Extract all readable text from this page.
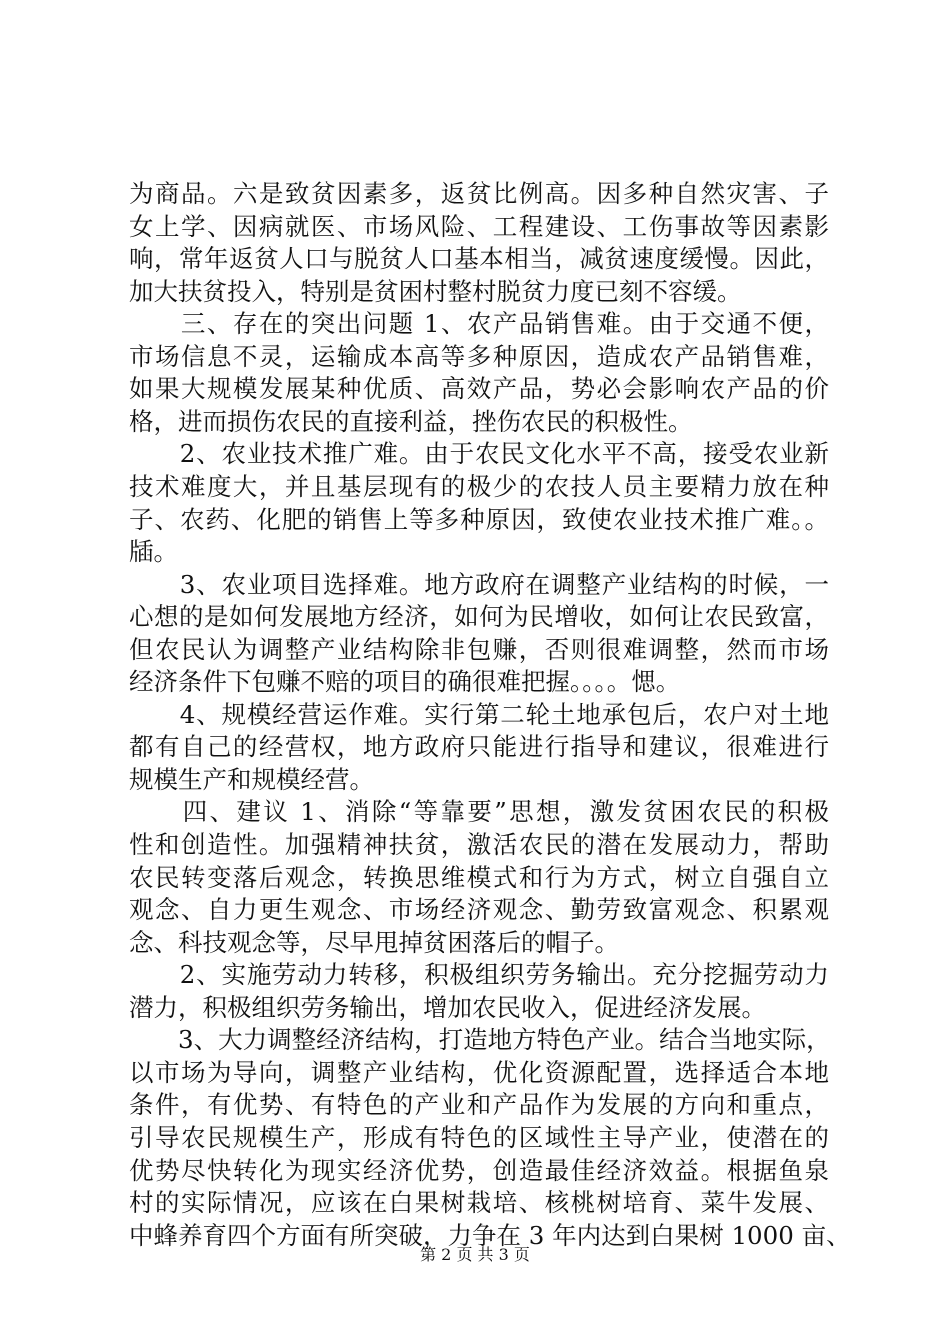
为商品。六是致贫因素多，返贫比例高。因多种自然灾害、子
女上学、因病就医、市场风险、工程建设、工伤事故等因素影
响，常年返贫人口与脱贫人口基本相当，减贫速度缓慢。因此，
加大扶贫投入，特别是贫困村整村脱贫力度已刻不容缓。
　　三、存在的突出问题 1、农产品销售难。由于交通不便，
市场信息不灵，运输成本高等多种原因，造成农产品销售难，
如果大规模发展某种优质、高效产品，势必会影响农产品的价
格，进而损伤农民的直接利益，挫伤农民的积极性。
　　2、农业技术推广难。由于农民文化水平不高，接受农业新
技术难度大，并且基层现有的极少的农技人员主要精力放在种
子、农药、化肥的销售上等多种原因，致使农业技术推广难。。
牐。
　　3、农业项目选择难。地方政府在调整产业结构的时候，一
心想的是如何发展地方经济，如何为民增收，如何让农民致富，
但农民认为调整产业结构除非包赚，否则很难调整，然而市场
经济条件下包赚不赔的项目的确很难把握。。。。愢。
　　4、规模经营运作难。实行第二轮土地承包后，农户对土地
都有自己的经营权，地方政府只能进行指导和建议，很难进行
规模生产和规模经营。
　　四、建议 1、消除“等靠要”思想，激发贫困农民的积极
性和创造性。加强精神扶贫，激活农民的潜在发展动力，帮助
农民转变落后观念，转换思维模式和行为方式，树立自强自立
观念、自力更生观念、市场经济观念、勤劳致富观念、积累观
念、科技观念等，尽早甩掉贫困落后的帽子。
　　2、实施劳动力转移，积极组织劳务输出。充分挖掘劳动力
潜力，积极组织劳务输出，增加农民收入，促进经济发展。
　　3、大力调整经济结构，打造地方特色产业。结合当地实际，
以市场为导向，调整产业结构，优化资源配置，选择适合本地
条件，有优势、有特色的产业和产品作为发展的方向和重点，
引导农民规模生产，形成有特色的区域性主导产业，使潜在的
优势尽快转化为现实经济优势，创造最佳经济效益。根据鱼泉
村的实际情况，应该在白果树栽培、核桃树培育、菜牛发展、
中蜂养育四个方面有所突破，力争在 3 年内达到白果树 1000 亩、
第 2 页 共 3 页
